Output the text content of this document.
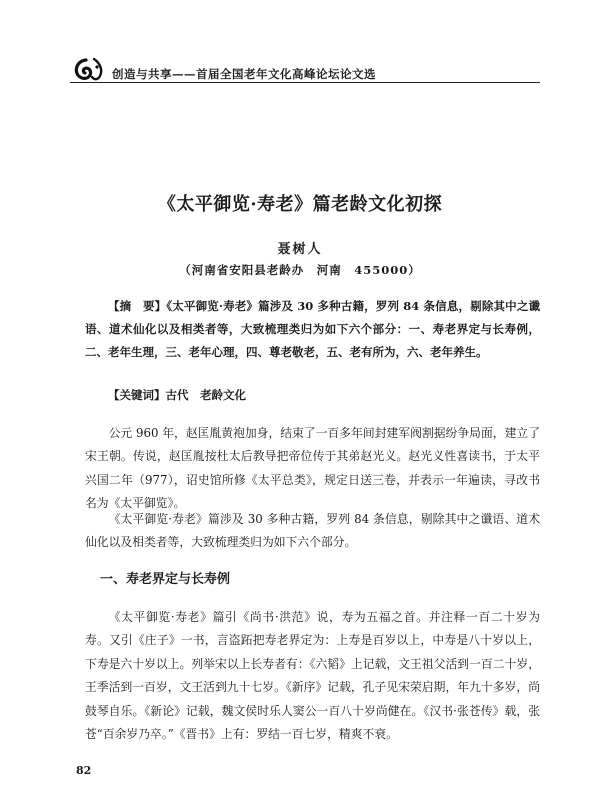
创造与共享——首届全国老年文化高峰论坛论文选
《太平御览·寿老》篇老龄文化初探
聂树人
（河南省安阳县老龄办　河南　455000）

【摘　要】《太平御览·寿老》篇涉及 30 多种古籍，罗列 84 条信息，剔除其中之谶语、道术仙化以及相类者等，大致梳理类归为如下六个部分：一、寿老界定与长寿例，二、老年生理，三、老年心理，四、尊老敬老，五、老有所为，六、老年养生。

【关键词】古代　老龄文化

公元 960 年，赵匡胤黄袍加身，结束了一百多年间封建军阀割据纷争局面，建立了宋王朝。传说，赵匡胤按杜太后教导把帝位传于其弟赵光义。赵光义性喜读书，于太平兴国二年（977），诏史馆所修《太平总类》，规定日送三卷，并表示一年遍读，寻改书名为《太平御览》。

《太平御览·寿老》篇涉及 30 多种古籍，罗列 84 条信息，剔除其中之谶语、道术仙化以及相类者等，大致梳理类归为如下六个部分。

一、寿老界定与长寿例

《太平御览·寿老》篇引《尚书·洪范》说，寿为五福之首。并注释一百二十岁为寿。又引《庄子》一书，言盗跖把寿老界定为：上寿是百岁以上，中寿是八十岁以上，下寿是六十岁以上。列举宋以上长寿者有：《六韬》上记载，文王祖父活到一百二十岁，王季活到一百岁，文王活到九十七岁。《新序》记载，孔子见宋荣启期，年九十多岁，尚鼓琴自乐。《新论》记载，魏文侯时乐人窦公一百八十岁尚健在。《汉书·张苍传》载，张苍“百余岁乃卒。”《晋书》上有：罗结一百七岁，精爽不衰。

82
